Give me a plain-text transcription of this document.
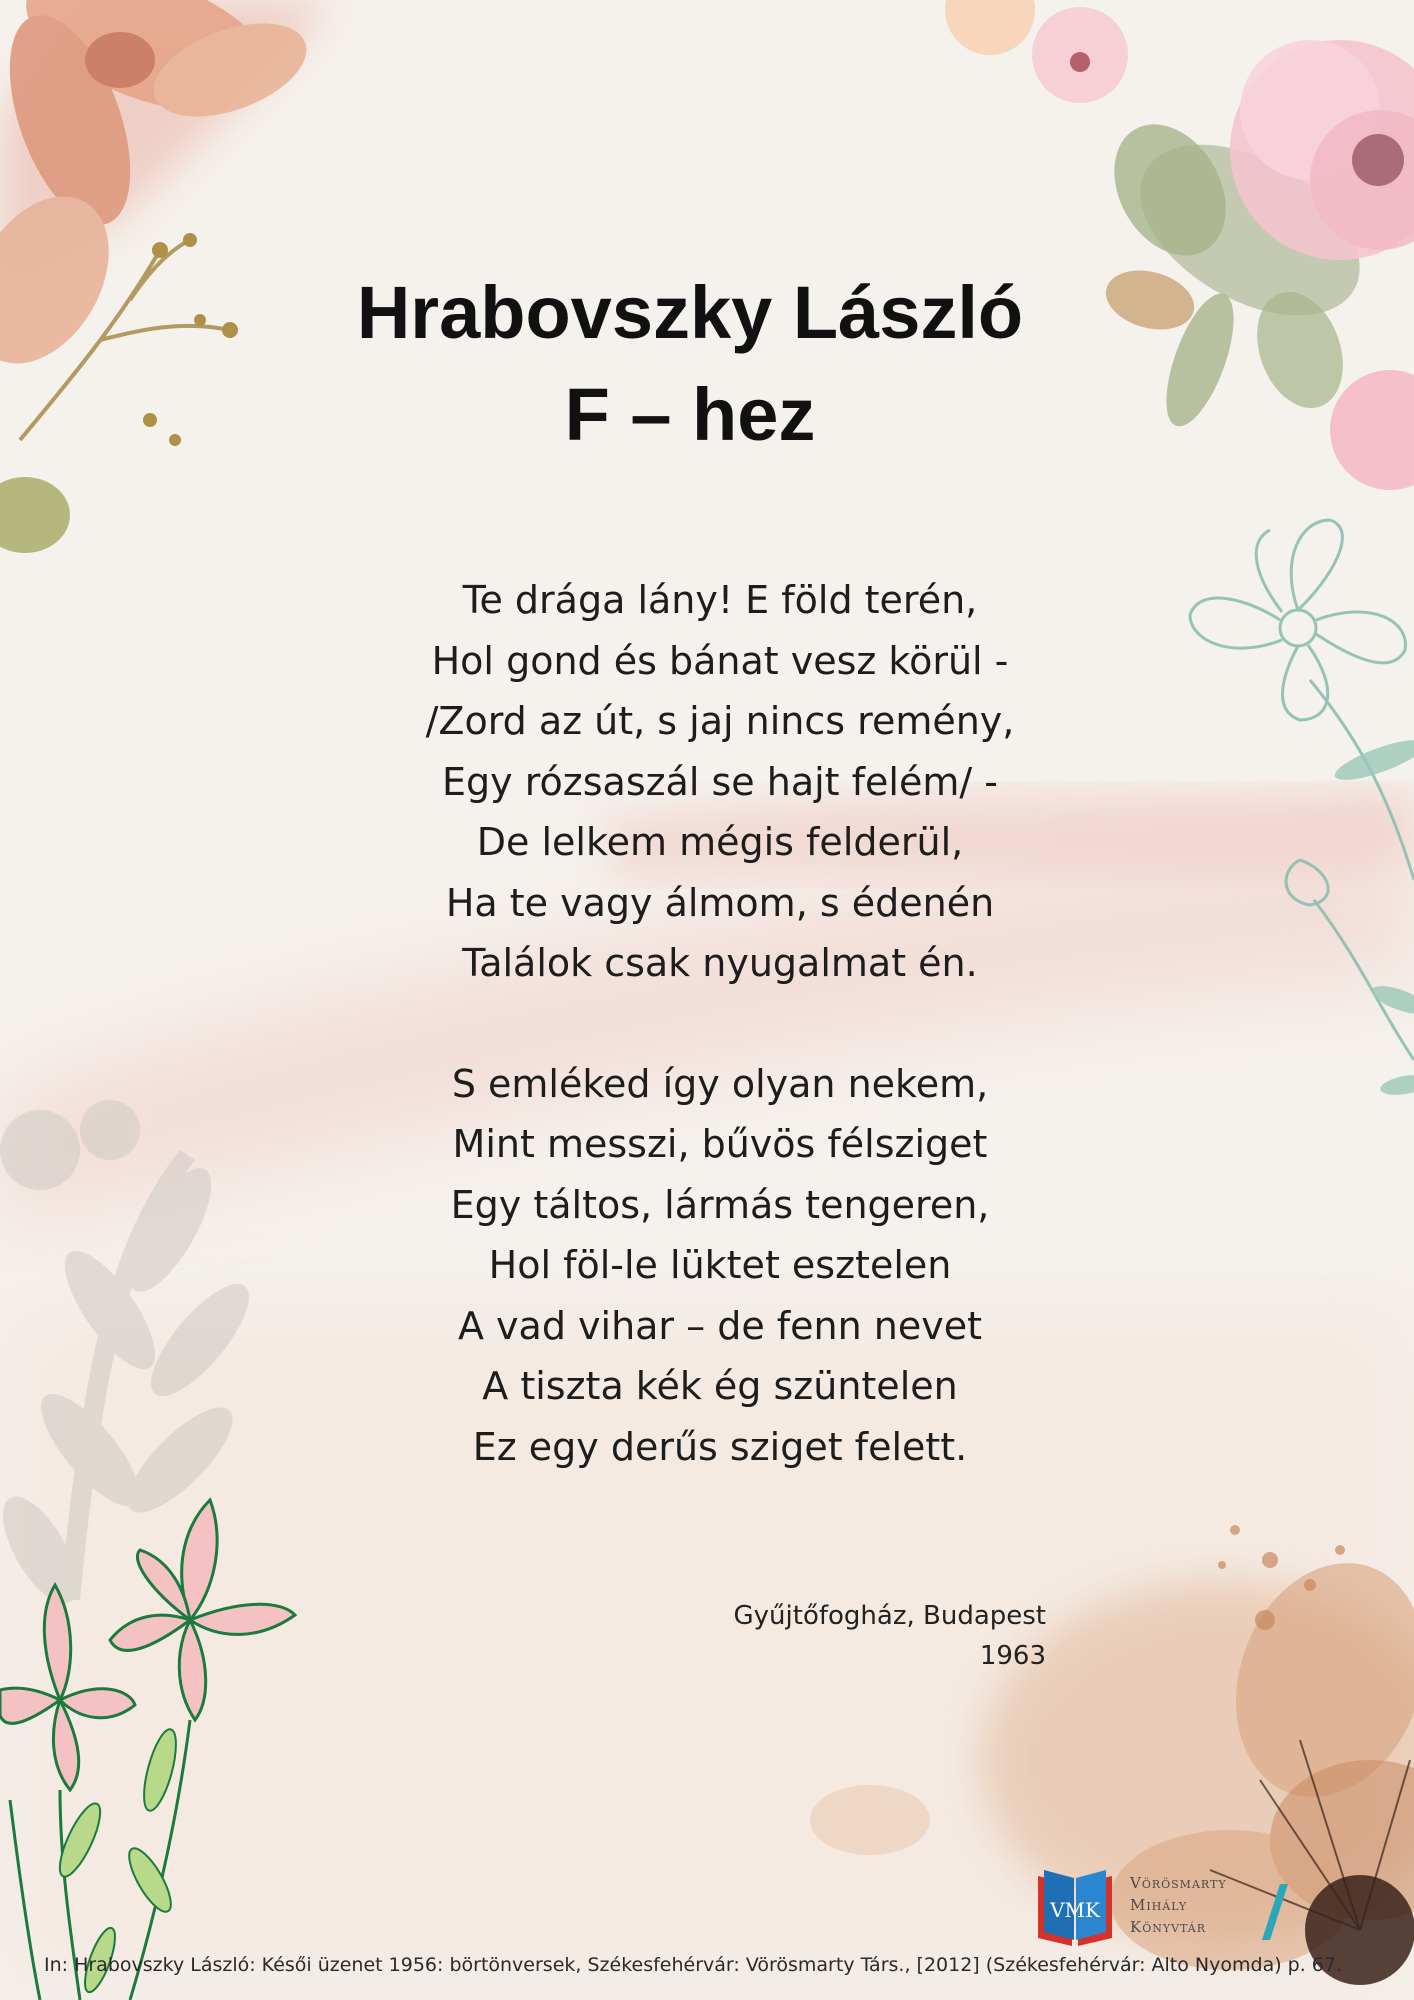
Hrabovszky László
F – hez

Te drága lány! E föld terén,
Hol gond és bánat vesz körül -
/Zord az út, s jaj nincs remény,
Egy rózsaszál se hajt felém/ -
De lelkem mégis felderül,
Ha te vagy álmom, s édenén
Találok csak nyugalmat én.

S emléked így olyan nekem,
Mint messzi, bűvös félsziget
Egy táltos, lármás tengeren,
Hol föl-le lüktet esztelen
A vad vihar – de fenn nevet
A tiszta kék ég szüntelen
Ez egy derűs sziget felett.

Gyűjtőfogház, Budapest
1963
VMK
Vörösmarty
Mihály
Könyvtár
In: Hrabovszky László: Késői üzenet 1956: börtönversek, Székesfehérvár: Vörösmarty Társ., [2012] (Székesfehérvár: Alto Nyomda) p. 67.
